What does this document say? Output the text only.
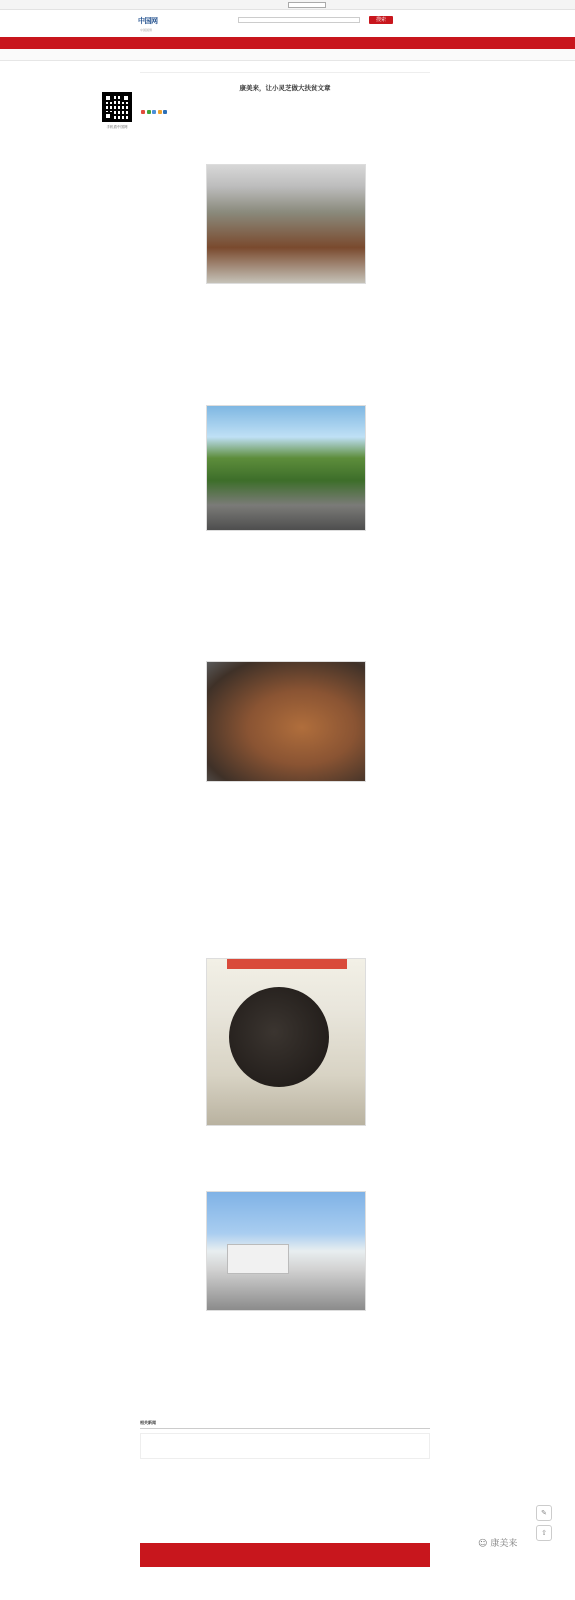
中国网
中国国情
搜索
手机看中国网
康美来，让小灵芝做大扶贫文章
相关新闻
✎
⇧
☺ 康美来
